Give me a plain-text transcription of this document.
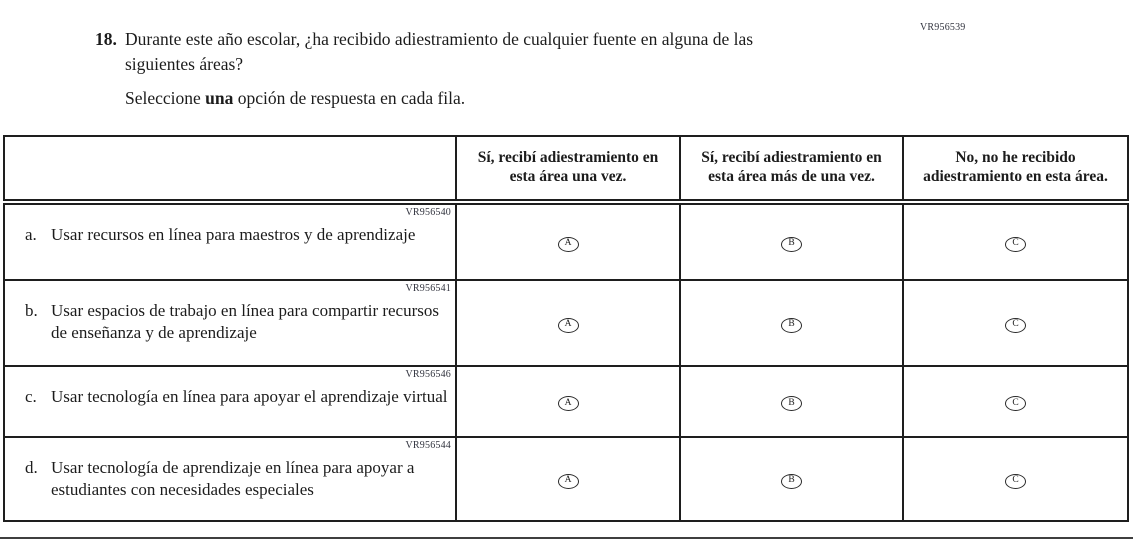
VR956539
18. Durante este año escolar, ¿ha recibido adiestramiento de cualquier fuente en alguna de las siguientes áreas?
Seleccione una opción de respuesta en cada fila.
	Sí, recibí adiestramiento en esta área una vez.	Sí, recibí adiestramiento en esta área más de una vez.	No, no he recibido adiestramiento en esta área.

VR956540
a. Usar recursos en línea para maestros y de aprendizaje	A	B	C

VR956541
b. Usar espacios de trabajo en línea para compartir recursos de enseñanza y de aprendizaje	A	B	C

VR956546
c. Usar tecnología en línea para apoyar el aprendizaje virtual	A	B	C

VR956544
d. Usar tecnología de aprendizaje en línea para apoyar a estudiantes con necesidades especiales	A	B	C
